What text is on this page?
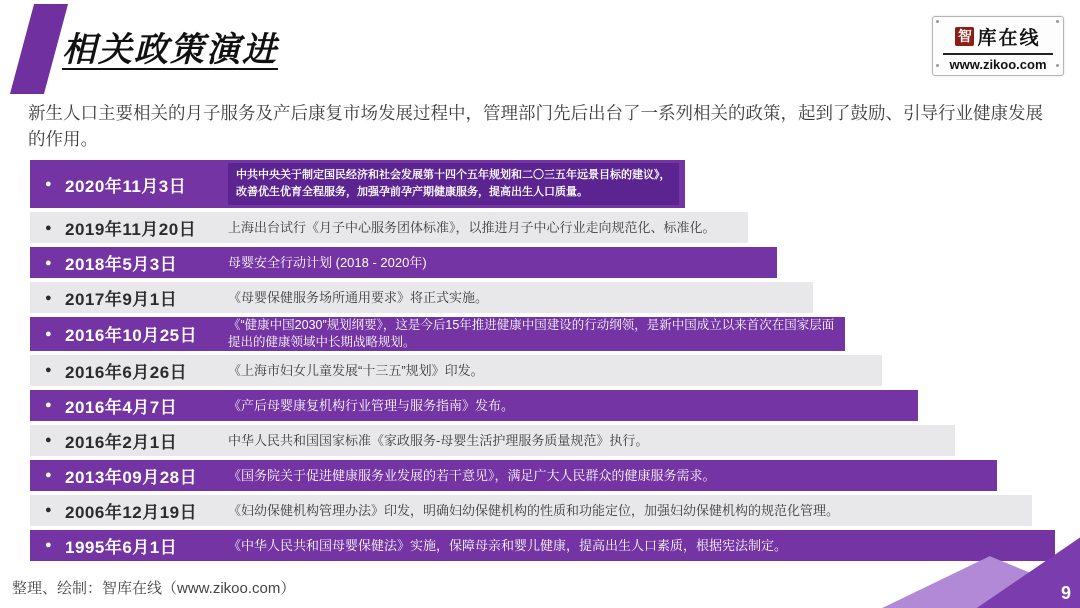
相关政策演进	智 库在线
www.zikoo.com

新生人口主要相关的月子服务及产后康复市场发展过程中，管理部门先后出台了一系列相关的政策，起到了鼓励、引导行业健康发展的作用。

● 2020年11月3日
中共中央关于制定国民经济和社会发展第十四个五年规划和二〇三五年远景目标的建议》，改善优生优育全程服务，加强孕前孕产期健康服务，提高出生人口质量。
● 2019年11月20日	上海出台试行《月子中心服务团体标准》，以推进月子中心行业走向规范化、标准化。
● 2018年5月3日	母婴安全行动计划 (2018 - 2020年)
● 2017年9月1日	《母婴保健服务场所通用要求》将正式实施。
● 2016年10月25日
《“健康中国2030”规划纲要》，这是今后15年推进健康中国建设的行动纲领，是新中国成立以来首次在国家层面提出的健康领域中长期战略规划。
● 2016年6月26日	《上海市妇女儿童发展“十三五”规划》印发。
● 2016年4月7日	《产后母婴康复机构行业管理与服务指南》发布。
● 2016年2月1日	中华人民共和国国家标准《家政服务-母婴生活护理服务质量规范》执行。
● 2013年09月28日	《国务院关于促进健康服务业发展的若干意见》，满足广大人民群众的健康服务需求。
● 2006年12月19日	《妇幼保健机构管理办法》印发，明确妇幼保健机构的性质和功能定位，加强妇幼保健机构的规范化管理。
● 1995年6月1日	《中华人民共和国母婴保健法》实施，保障母亲和婴儿健康，提高出生人口素质，根据宪法制定。
整理、绘制：智库在线（www.zikoo.com）	9
